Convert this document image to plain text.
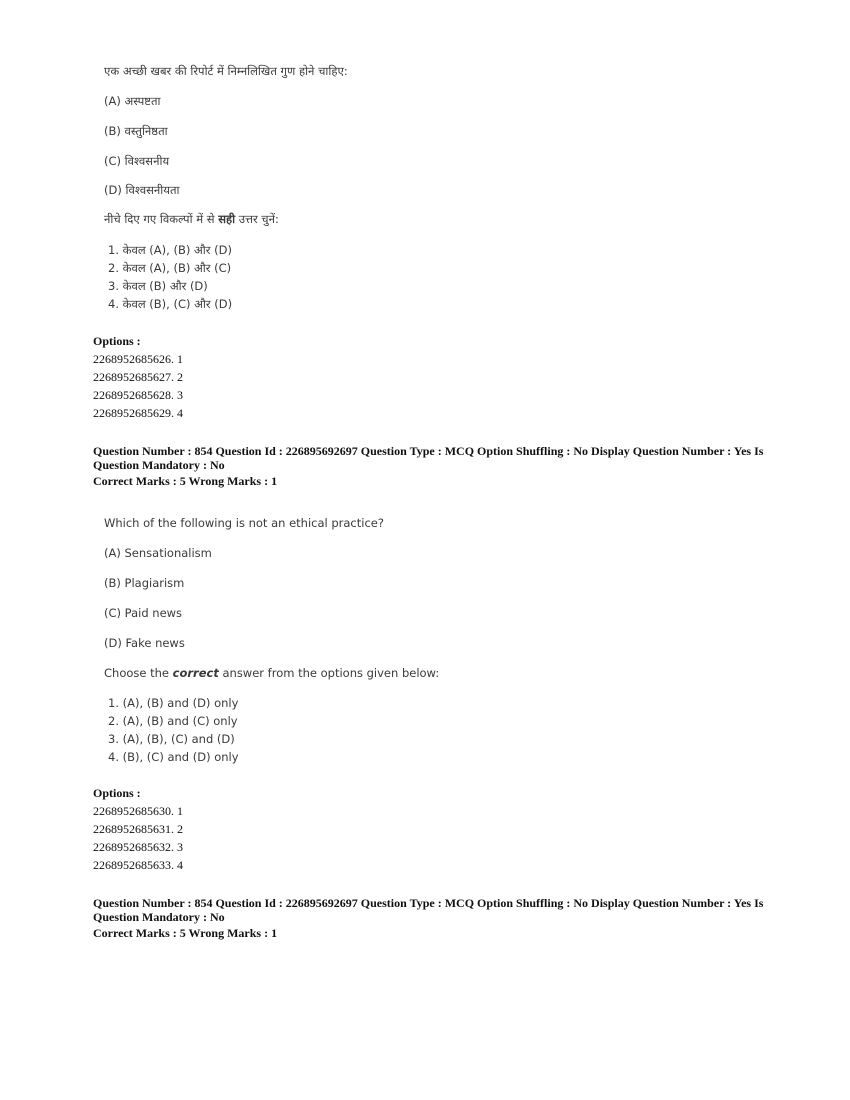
एक अच्छी खबर की रिपोर्ट में निम्नलिखित गुण होने चाहिए:
(A) अस्पष्टता
(B) वस्तुनिष्ठता
(C) विश्वसनीय
(D) विश्वसनीयता
नीचे दिए गए विकल्पों में से सही उत्तर चुनें:
1. केवल (A), (B) और (D)
2. केवल (A), (B) और (C)
3. केवल (B) और (D)
4. केवल (B), (C) और (D)
Options :
2268952685626. 1
2268952685627. 2
2268952685628. 3
2268952685629. 4
Question Number : 854 Question Id : 226895692697 Question Type : MCQ Option Shuffling : No Display Question Number : Yes Is
Question Mandatory : No
Correct Marks : 5 Wrong Marks : 1
Which of the following is not an ethical practice?
(A) Sensationalism
(B) Plagiarism
(C) Paid news
(D) Fake news
Choose the correct answer from the options given below:
1. (A), (B) and (D) only
2. (A), (B) and (C) only
3. (A), (B), (C) and (D)
4. (B), (C) and (D) only
Options :
2268952685630. 1
2268952685631. 2
2268952685632. 3
2268952685633. 4
Question Number : 854 Question Id : 226895692697 Question Type : MCQ Option Shuffling : No Display Question Number : Yes Is
Question Mandatory : No
Correct Marks : 5 Wrong Marks : 1
